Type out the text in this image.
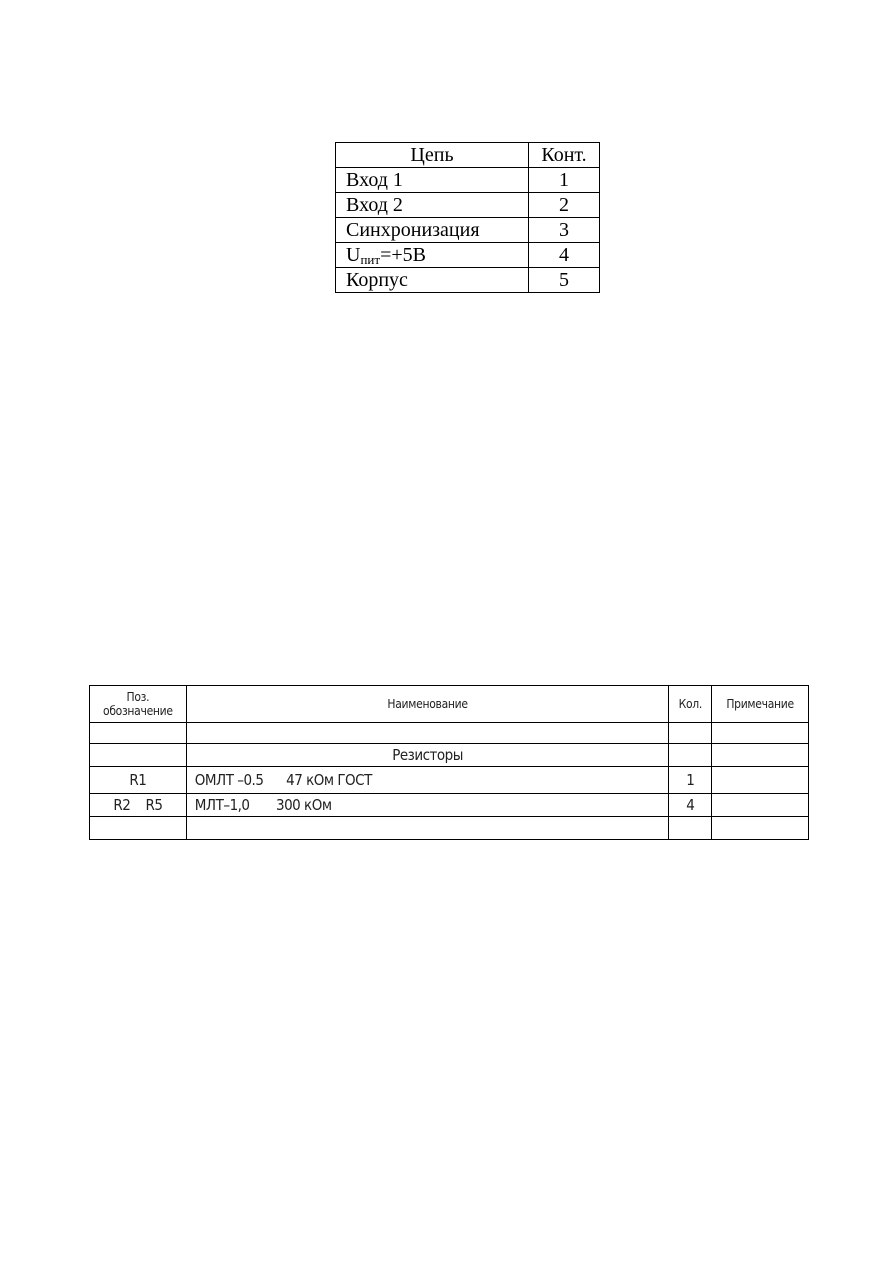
Цепь	Конт.
Вход 1	1
Вход 2	2
Синхронизация	3
$U_{пит}=+5В$	4
Корпус	5
Поз.
обозначение	Наименование	Кол.	Примечание

	Резисторы		
R1	ОМЛТ –0.5      47 кОм ГОСТ	1	
R2    R5	МЛТ–1,0       300 кОм	4	
